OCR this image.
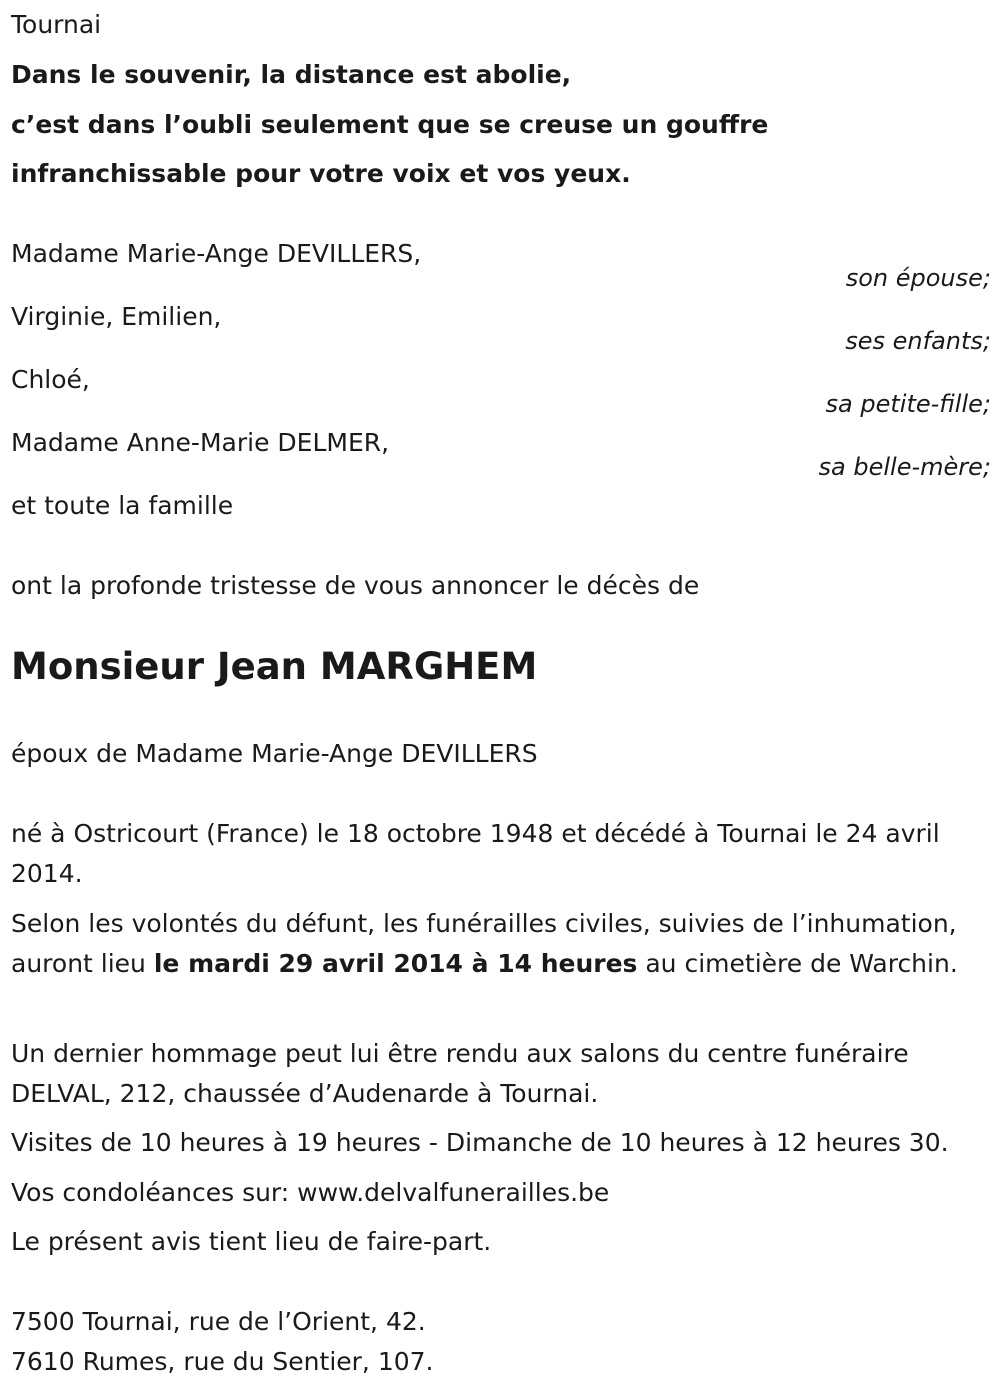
Tournai
Dans le souvenir, la distance est abolie,
c’est dans l’oubli seulement que se creuse un gouffre
infranchissable pour votre voix et vos yeux.
Madame Marie-Ange DEVILLERS,
son épouse;
Virginie, Emilien,
ses enfants;
Chloé,
sa petite-fille;
Madame Anne-Marie DELMER,
sa belle-mère;
et toute la famille
ont la profonde tristesse de vous annoncer le décès de
Monsieur Jean MARGHEM
époux de Madame Marie-Ange DEVILLERS
né à Ostricourt (France) le 18 octobre 1948 et décédé à Tournai le 24 avril 2014.
Selon les volontés du défunt, les funérailles civiles, suivies de l’inhumation, auront lieu le mardi 29 avril 2014 à 14 heures au cimetière de Warchin.
Un dernier hommage peut lui être rendu aux salons du centre funéraire DELVAL, 212, chaussée d’Audenarde à Tournai.
Visites de 10 heures à 19 heures - Dimanche de 10 heures à 12 heures 30.
Vos condoléances sur: www.delvalfunerailles.be
Le présent avis tient lieu de faire-part.
7500 Tournai, rue de l’Orient, 42.
7610 Rumes, rue du Sentier, 107.
